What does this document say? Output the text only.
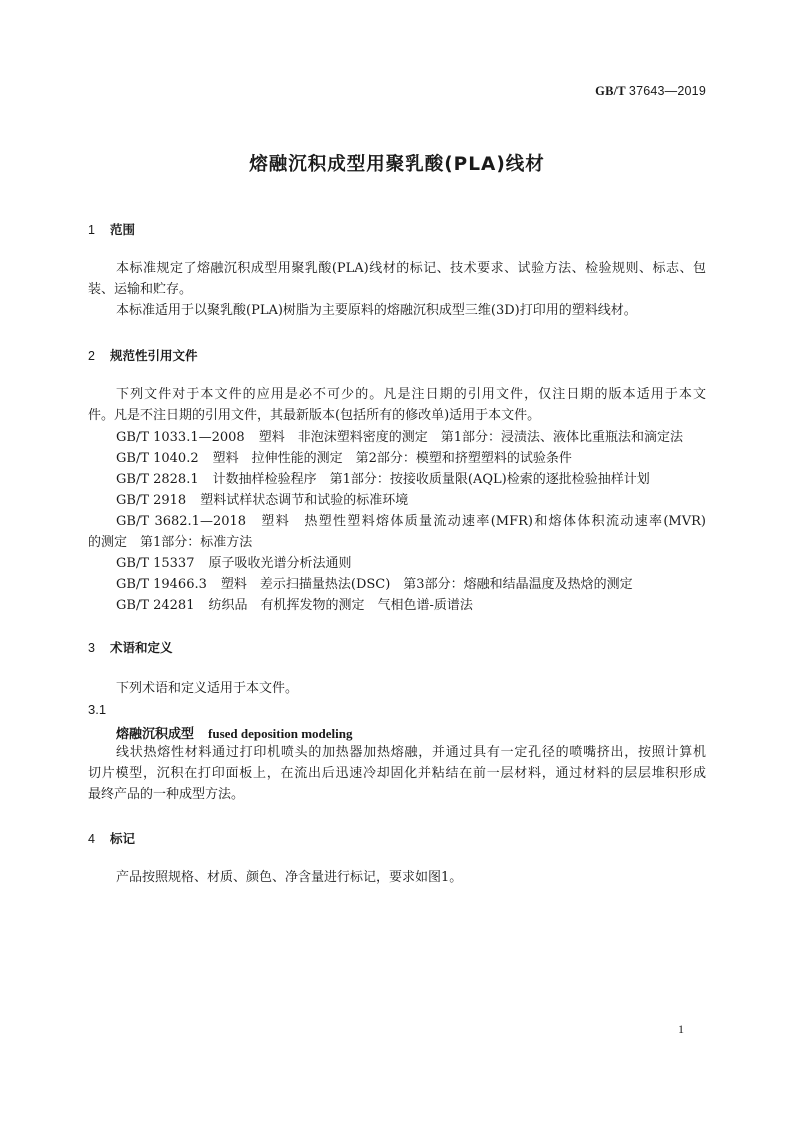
GB/T 37643—2019
熔融沉积成型用聚乳酸(PLA)线材
1 范围
本标准规定了熔融沉积成型用聚乳酸(PLA)线材的标记、技术要求、试验方法、检验规则、标志、包
装、运输和贮存。
本标准适用于以聚乳酸(PLA)树脂为主要原料的熔融沉积成型三维(3D)打印用的塑料线材。
2 规范性引用文件
下列文件对于本文件的应用是必不可少的。凡是注日期的引用文件，仅注日期的版本适用于本文
件。凡是不注日期的引用文件，其最新版本(包括所有的修改单)适用于本文件。
GB/T 1033.1—2008 塑料　非泡沫塑料密度的测定　第1部分：浸渍法、液体比重瓶法和滴定法
GB/T 1040.2 塑料　拉伸性能的测定　第2部分：模塑和挤塑塑料的试验条件
GB/T 2828.1 计数抽样检验程序　第1部分：按接收质量限(AQL)检索的逐批检验抽样计划
GB/T 2918 塑料试样状态调节和试验的标准环境
GB/T 3682.1—2018 塑料　热塑性塑料熔体质量流动速率(MFR)和熔体体积流动速率(MVR)
的测定　第1部分：标准方法
GB/T 15337 原子吸收光谱分析法通则
GB/T 19466.3 塑料　差示扫描量热法(DSC)　第3部分：熔融和结晶温度及热焓的测定
GB/T 24281 纺织品　有机挥发物的测定　气相色谱-质谱法
3 术语和定义
下列术语和定义适用于本文件。
3.1
熔融沉积成型 fused deposition modeling
线状热熔性材料通过打印机喷头的加热器加热熔融，并通过具有一定孔径的喷嘴挤出，按照计算机
切片模型，沉积在打印面板上，在流出后迅速冷却固化并粘结在前一层材料，通过材料的层层堆积形成
最终产品的一种成型方法。
4 标记
产品按照规格、材质、颜色、净含量进行标记，要求如图1。
1
